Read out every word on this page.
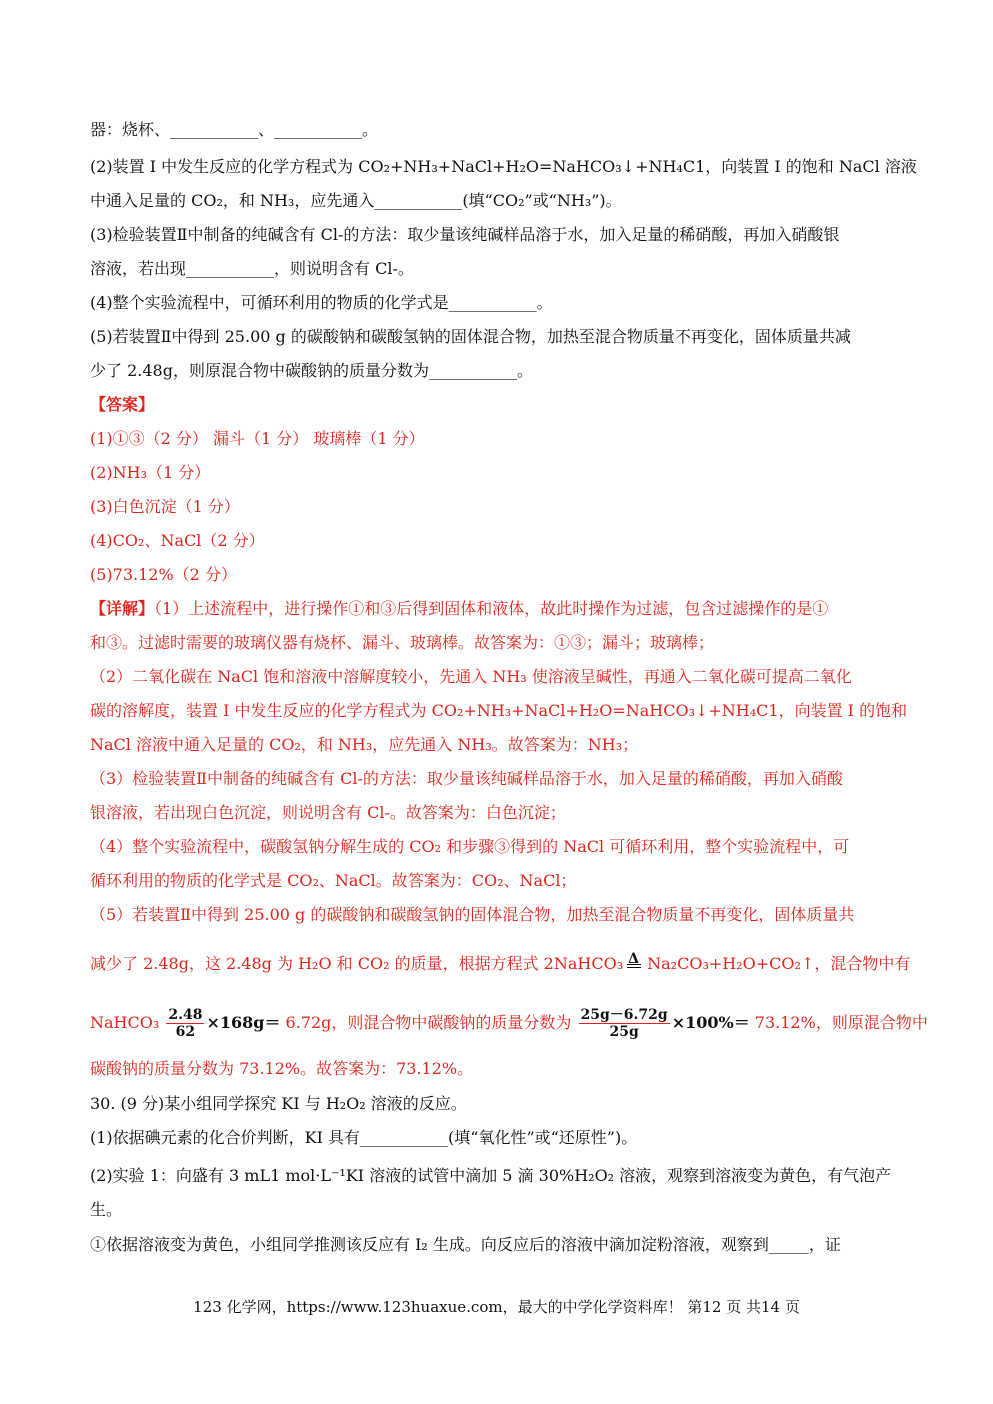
器：烧杯、___________、___________。
(2)装置 I 中发生反应的化学方程式为 CO₂+NH₃+NaCl+H₂O=NaHCO₃↓+NH₄C1，向装置 I 的饱和 NaCl 溶液
中通入足量的 CO₂，和 NH₃，应先通入___________(填“CO₂”或“NH₃”)。
(3)检验装置Ⅱ中制备的纯碱含有 Cl-的方法：取少量该纯碱样品溶于水，加入足量的稀硝酸，再加入硝酸银
溶液，若出现___________，则说明含有 Cl-。
(4)整个实验流程中，可循环利用的物质的化学式是___________。
(5)若装置Ⅱ中得到 25.00 g 的碳酸钠和碳酸氢钠的固体混合物，加热至混合物质量不再变化，固体质量共减
少了 2.48g，则原混合物中碳酸钠的质量分数为___________。
【答案】
(1)①③（2 分） 漏斗（1 分） 玻璃棒（1 分）
(2)NH₃（1 分）
(3)白色沉淀（1 分）
(4)CO₂、NaCl（2 分）
(5)73.12%（2 分）
【详解】（1）上述流程中，进行操作①和③后得到固体和液体，故此时操作为过滤，包含过滤操作的是①
和③。过滤时需要的玻璃仪器有烧杯、漏斗、玻璃棒。故答案为：①③；漏斗；玻璃棒；
（2）二氧化碳在 NaCl 饱和溶液中溶解度较小，先通入 NH₃ 使溶液呈碱性，再通入二氧化碳可提高二氧化
碳的溶解度，装置 I 中发生反应的化学方程式为 CO₂+NH₃+NaCl+H₂O=NaHCO₃↓+NH₄C1，向装置 I 的饱和
NaCl 溶液中通入足量的 CO₂，和 NH₃，应先通入 NH₃。故答案为：NH₃；
（3）检验装置Ⅱ中制备的纯碱含有 Cl-的方法：取少量该纯碱样品溶于水，加入足量的稀硝酸，再加入硝酸
银溶液，若出现白色沉淀，则说明含有 Cl-。故答案为：白色沉淀；
（4）整个实验流程中，碳酸氢钠分解生成的 CO₂ 和步骤③得到的 NaCl 可循环利用，整个实验流程中，可
循环利用的物质的化学式是 CO₂、NaCl。故答案为：CO₂、NaCl；
（5）若装置Ⅱ中得到 25.00 g 的碳酸钠和碳酸氢钠的固体混合物，加热至混合物质量不再变化，固体质量共
减少了 2.48g，这 2.48g 为 H₂O 和 CO₂ 的质量，根据方程式 2NaHCO₃ Δ Na₂CO₃+H₂O+CO₂↑，混合物中有
NaHCO₃ $\frac{2.48}{62} \times 168g= 6.72g$，则混合物中碳酸钠的质量分数为 $\frac{25g-6.72g}{25g} \times 100\%= 73.12\%$，则原混合物中
碳酸钠的质量分数为 73.12%。故答案为：73.12%。
30. (9 分)某小组同学探究 KI 与 H₂O₂ 溶液的反应。
(1)依据碘元素的化合价判断，KI 具有___________(填“氧化性”或“还原性”)。
(2)实验 1：向盛有 3 mL1 mol·L⁻¹KI 溶液的试管中滴加 5 滴 30%H₂O₂ 溶液，观察到溶液变为黄色，有气泡产
生。
①依据溶液变为黄色，小组同学推测该反应有 I₂ 生成。向反应后的溶液中滴加淀粉溶液，观察到_____，证
123 化学网，https://www.123huaxue.com，最大的中学化学资料库！ 第12 页 共14 页
